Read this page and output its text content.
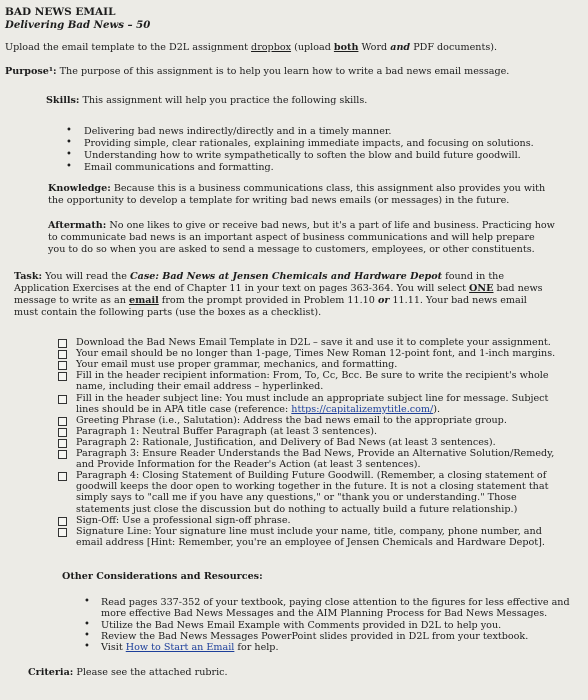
BAD NEWS EMAIL
Delivering Bad News – 50
Upload the email template to the D2L assignment dropbox (upload both Word and PDF documents).
Purpose¹: The purpose of this assignment is to help you learn how to write a bad news email message.
Skills: This assignment will help you practice the following skills.
• Delivering bad news indirectly/directly and in a timely manner.
• Providing simple, clear rationales, explaining immediate impacts, and focusing on solutions.
• Understanding how to write sympathetically to soften the blow and build future goodwill.
• Email communications and formatting.
Knowledge: Because this is a business communications class, this assignment also provides you with
the opportunity to develop a template for writing bad news emails (or messages) in the future.
Aftermath: No one likes to give or receive bad news, but it's a part of life and business. Practicing how
to communicate bad news is an important aspect of business communications and will help prepare
you to do so when you are asked to send a message to customers, employees, or other constituents.
Task: You will read the Case: Bad News at Jensen Chemicals and Hardware Depot found in the
Application Exercises at the end of Chapter 11 in your text on pages 363-364. You will select ONE bad news
message to write as an email from the prompt provided in Problem 11.10 or 11.11. Your bad news email
must contain the following parts (use the boxes as a checklist).
Download the Bad News Email Template in D2L – save it and use it to complete your assignment.
Your email should be no longer than 1-page, Times New Roman 12-point font, and 1-inch margins.
Your email must use proper grammar, mechanics, and formatting.
Fill in the header recipient information: From, To, Cc, Bcc. Be sure to write the recipient's whole
name, including their email address – hyperlinked.
Fill in the header subject line: You must include an appropriate subject line for message. Subject
lines should be in APA title case (reference: https://capitalizemytitle.com/).
Greeting Phrase (i.e., Salutation): Address the bad news email to the appropriate group.
Paragraph 1: Neutral Buffer Paragraph (at least 3 sentences).
Paragraph 2: Rationale, Justification, and Delivery of Bad News (at least 3 sentences).
Paragraph 3: Ensure Reader Understands the Bad News, Provide an Alternative Solution/Remedy,
and Provide Information for the Reader's Action (at least 3 sentences).
Paragraph 4: Closing Statement of Building Future Goodwill. (Remember, a closing statement of
goodwill keeps the door open to working together in the future. It is not a closing statement that
simply says to "call me if you have any questions," or "thank you or understanding." Those
statements just close the discussion but do nothing to actually build a future relationship.)
Sign-Off: Use a professional sign-off phrase.
Signature Line: Your signature line must include your name, title, company, phone number, and
email address [Hint: Remember, you're an employee of Jensen Chemicals and Hardware Depot].
Other Considerations and Resources:
• Read pages 337-352 of your textbook, paying close attention to the figures for less effective and
more effective Bad News Messages and the AIM Planning Process for Bad News Messages.
• Utilize the Bad News Email Example with Comments provided in D2L to help you.
• Review the Bad News Messages PowerPoint slides provided in D2L from your textbook.
• Visit How to Start an Email for help.
Criteria: Please see the attached rubric.
